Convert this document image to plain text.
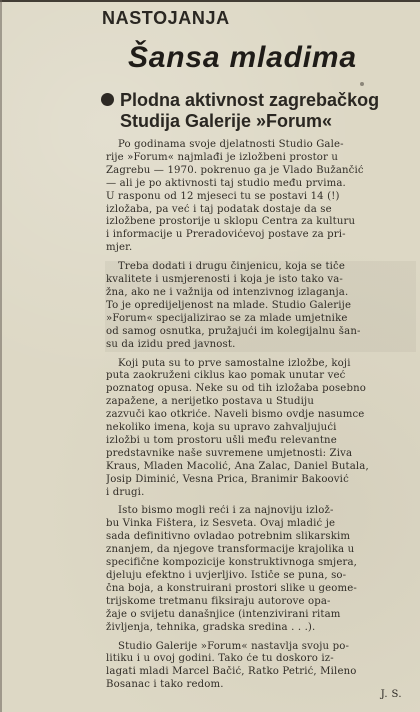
NASTOJANJA
Šansa mladima
Plodna aktivnost zagrebačkog
Studija Galerije »Forum«

Po godinama svoje djelatnosti Studio Gale-
rije »Forum« najmlađi je izložbeni prostor u
Zagrebu — 1970. pokrenuo ga je Vlado Bužančić
— ali je po aktivnosti taj studio među prvima.
U rasponu od 12 mjeseci tu se postavi 14 (!)
izložaba, pa već i taj podatak dostaje da se
izložbene prostorije u sklopu Centra za kulturu
i informacije u Preradovićevoj postave za pri-
mjer.

Treba dodati i drugu činjenicu, koja se tiče
kvalitete i usmjerenosti i koja je isto tako va-
žna, ako ne i važnija od intenzivnog izlaganja.
To je opredijeljenost na mlade. Studio Galerije
»Forum« specijalizirao se za mlade umjetnike
od samog osnutka, pružajući im kolegijalnu šan-
su da izidu pred javnost.

Koji puta su to prve samostalne izložbe, koji
puta zaokruženi ciklus kao pomak unutar već
poznatog opusa. Neke su od tih izložaba posebno
zapažene, a nerijetko postava u Studiju
zazvuči kao otkriće. Naveli bismo ovdje nasumce
nekoliko imena, koja su upravo zahvaljujući
izložbi u tom prostoru ušli među relevantne
predstavnike naše suvremene umjetnosti: Živa
Kraus, Mladen Macolić, Ana Žalac, Daniel Butala,
Josip Diminić, Vesna Prica, Branimir Bakoović
i drugi.

Isto bismo mogli reći i za najnoviju izlož-
bu Vinka Fištera, iz Sesveta. Ovaj mladić je
sada definitivno ovladao potrebnim slikarskim
znanjem, da njegove transformacije krajolika u
specifične kompozicije konstruktivnoga smjera,
djeluju efektno i uvjerljivo. Ističe se puna, so-
čna boja, a konstruirani prostori slike u geome-
trijskome tretmanu fiksiraju autorove opa-
žaje o svijetu današnjice (intenzivirani ritam
življenja, tehnika, gradska sredina . . .).

Studio Galerije »Forum« nastavlja svoju po-
litiku i u ovoj godini. Tako će tu doskoro iz-
lagati mladi Marcel Bačić, Ratko Petrić, Mileno
Bosanac i tako redom.

J. S.
